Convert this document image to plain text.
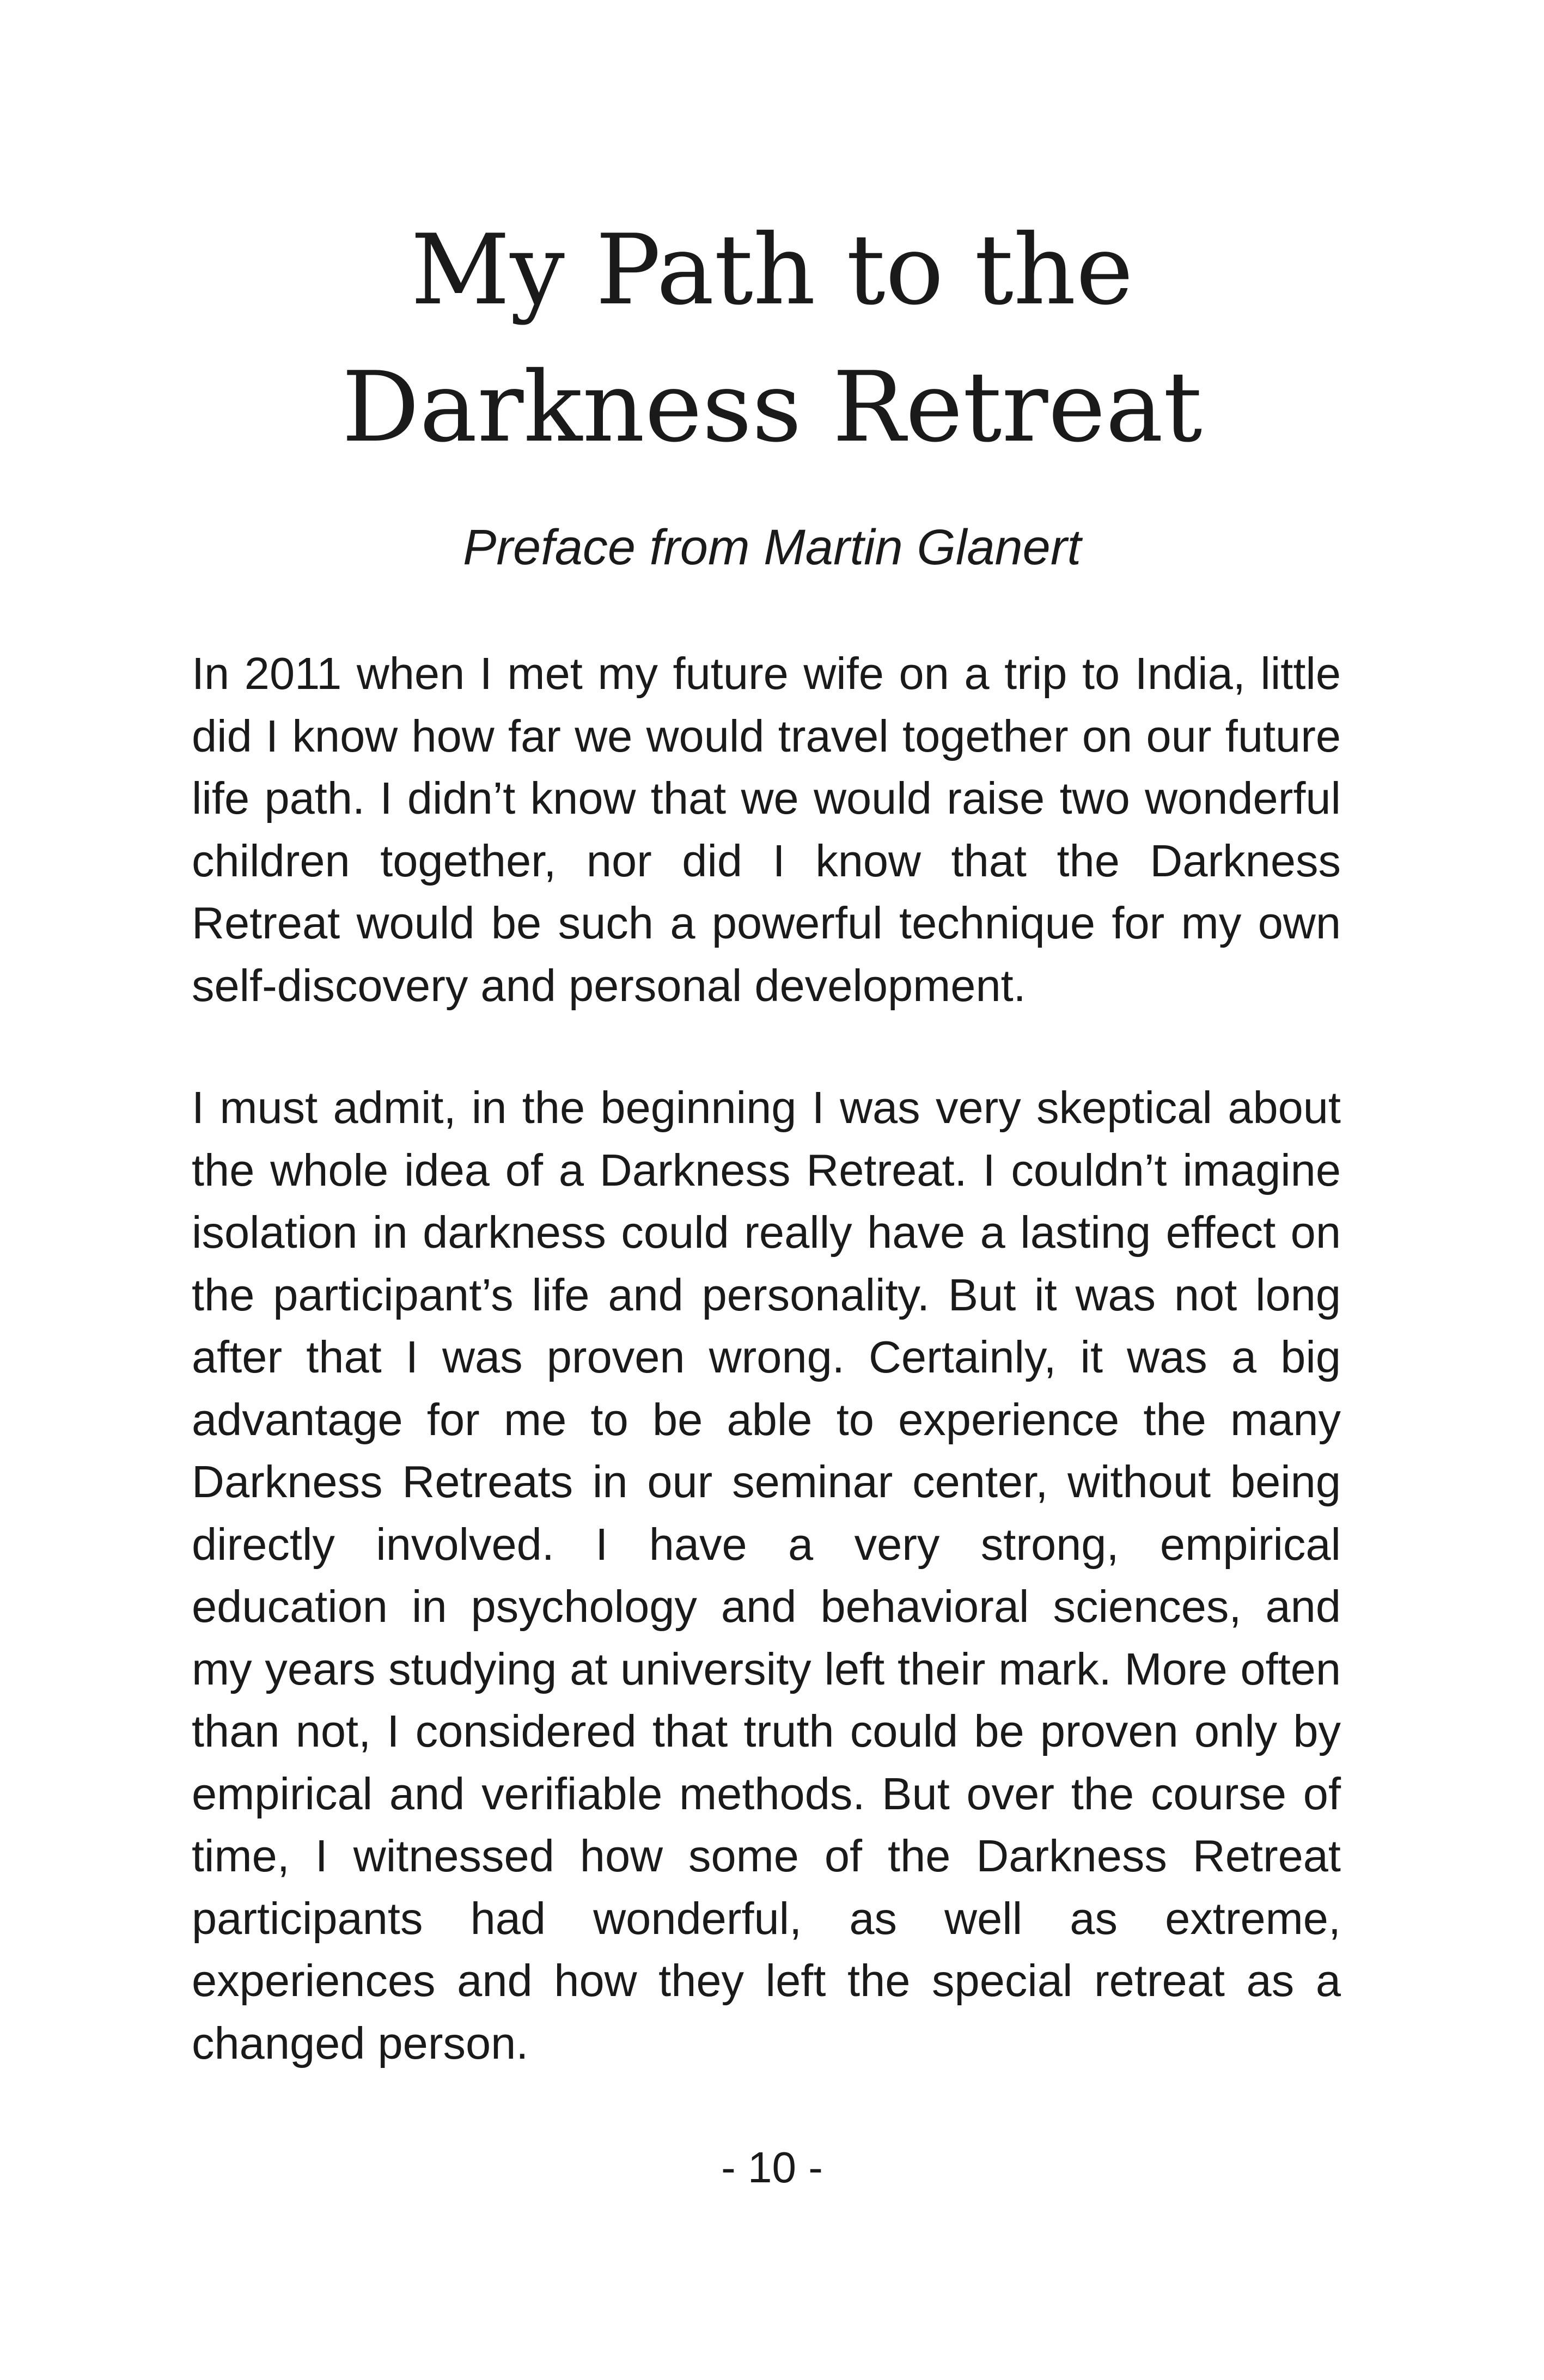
My Path to the
Darkness Retreat

Preface from Martin Glanert

In 2011 when I met my future wife on a trip to India, little did I know how far we would travel together on our future life path. I didn’t know that we would raise two wonderful children together, nor did I know that the Darkness Retreat would be such a powerful technique for my own self-discovery and personal development.

I must admit, in the beginning I was very skeptical about the whole idea of a Darkness Retreat. I couldn’t imagine isolation in darkness could really have a lasting effect on the participant’s life and personality. But it was not long after that I was proven wrong. Certainly, it was a big advantage for me to be able to experience the many Darkness Retreats in our seminar center, without being directly involved. I have a very strong, empirical education in psychology and behavioral sciences, and my years studying at university left their mark. More often than not, I considered that truth could be proven only by empirical and verifiable methods. But over the course of time, I witnessed how some of the Darkness Retreat participants had wonderful, as well as extreme, experiences and how they left the special retreat as a changed person.

- 10 -
